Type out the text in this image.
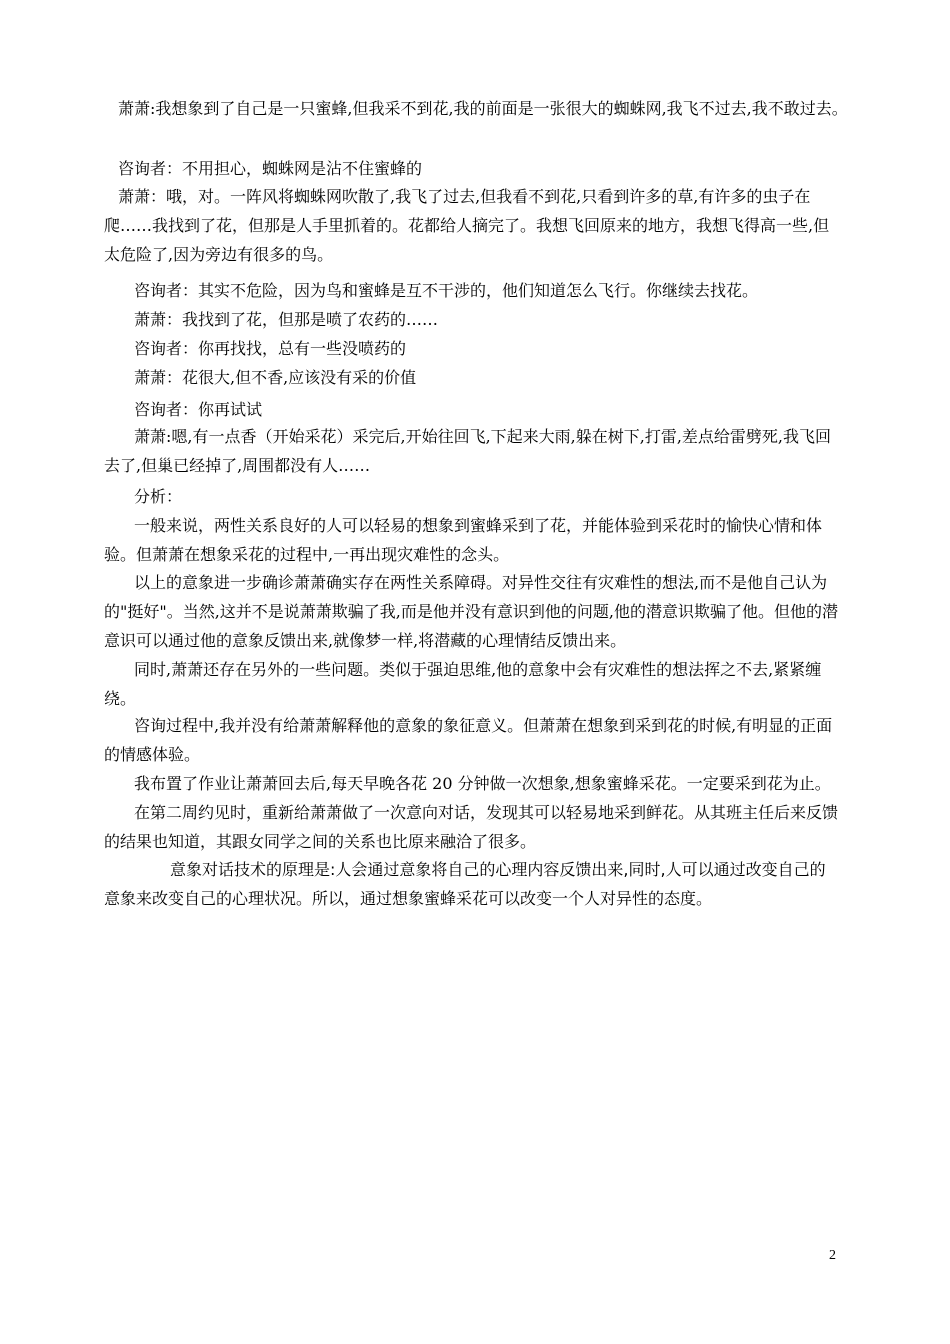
萧萧:我想象到了自己是一只蜜蜂,但我采不到花,我的前面是一张很大的蜘蛛网,我飞不过去,我不敢过去。

咨询者：不用担心，蜘蛛网是沾不住蜜蜂的

萧萧：哦，对。一阵风将蜘蛛网吹散了,我飞了过去,但我看不到花,只看到许多的草,有许多的虫子在爬……我找到了花，但那是人手里抓着的。花都给人摘完了。我想飞回原来的地方，我想飞得高一些,但太危险了,因为旁边有很多的鸟。

咨询者：其实不危险，因为鸟和蜜蜂是互不干涉的，他们知道怎么飞行。你继续去找花。

萧萧：我找到了花，但那是喷了农药的……

咨询者：你再找找，总有一些没喷药的

萧萧：花很大,但不香,应该没有采的价值

咨询者：你再试试

萧萧:嗯,有一点香（开始采花）采完后,开始往回飞,下起来大雨,躲在树下,打雷,差点给雷劈死,我飞回去了,但巢已经掉了,周围都没有人……

分析：

一般来说，两性关系良好的人可以轻易的想象到蜜蜂采到了花，并能体验到采花时的愉快心情和体验。但萧萧在想象采花的过程中,一再出现灾难性的念头。

以上的意象进一步确诊萧萧确实存在两性关系障碍。对异性交往有灾难性的想法,而不是他自己认为的"挺好"。当然,这并不是说萧萧欺骗了我,而是他并没有意识到他的问题,他的潜意识欺骗了他。但他的潜意识可以通过他的意象反馈出来,就像梦一样,将潜藏的心理情结反馈出来。

同时,萧萧还存在另外的一些问题。类似于强迫思维,他的意象中会有灾难性的想法挥之不去,紧紧缠绕。

咨询过程中,我并没有给萧萧解释他的意象的象征意义。但萧萧在想象到采到花的时候,有明显的正面的情感体验。

我布置了作业让萧萧回去后,每天早晚各花 20 分钟做一次想象,想象蜜蜂采花。一定要采到花为止。

在第二周约见时，重新给萧萧做了一次意向对话，发现其可以轻易地采到鲜花。从其班主任后来反馈的结果也知道，其跟女同学之间的关系也比原来融洽了很多。

意象对话技术的原理是:人会通过意象将自己的心理内容反馈出来,同时,人可以通过改变自己的意象来改变自己的心理状况。所以，通过想象蜜蜂采花可以改变一个人对异性的态度。

2
